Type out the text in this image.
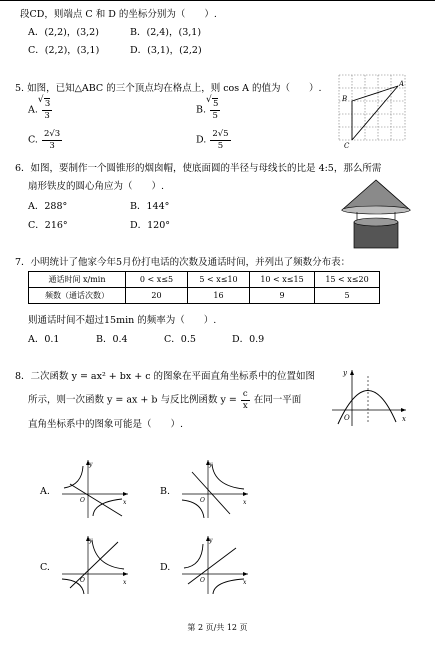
段CD，则端点 C 和 D 的坐标分别为（　　）.
A．(2,2)，(3,2)	B．(2,4)，(3,1)
C．(2,2)，(3,1)	D．(3,1)，(2,2)
5. 如图，已知△ABC 的三个顶点均在格点上，则 cos A 的值为（　　）.
A. √ $\frac{3}{3}$	B. √ $\frac{5}{5}$
C. $\frac{2√3}{3}$	D. $\frac{2√5}{5}$
A
B
C
6．如图，要制作一个圆锥形的烟囱帽，使底面圆的半径与母线长的比是 4:5，那么所需
扇形铁皮的圆心角应为（　　）.
A．288°	B．144°
C．216°	D．120°
7．小明统计了他家今年5月份打电话的次数及通话时间，并列出了频数分布表：
通话时间 x/min	0 < x≤5	5 < x≤10	10 < x≤15	15 < x≤20
频数（通话次数）	20	16	9	5
则通话时间不超过15min 的频率为（　　）.
A．0.1	B．0.4	C．0.5	D．0.9
8．二次函数 y = ax² + bx + c 的图象在平面直角坐标系中的位置如图
所示，则一次函数 y = ax + b 与反比例函数 $y = \frac{c}{x}$ 在同一平面
直角坐标系中的图象可能是（　　）.
y
x
O
A.
y
x
O
B.
y
x
O
C.
y
x
O
D.
y
x
O
第 2 页/共 12 页
